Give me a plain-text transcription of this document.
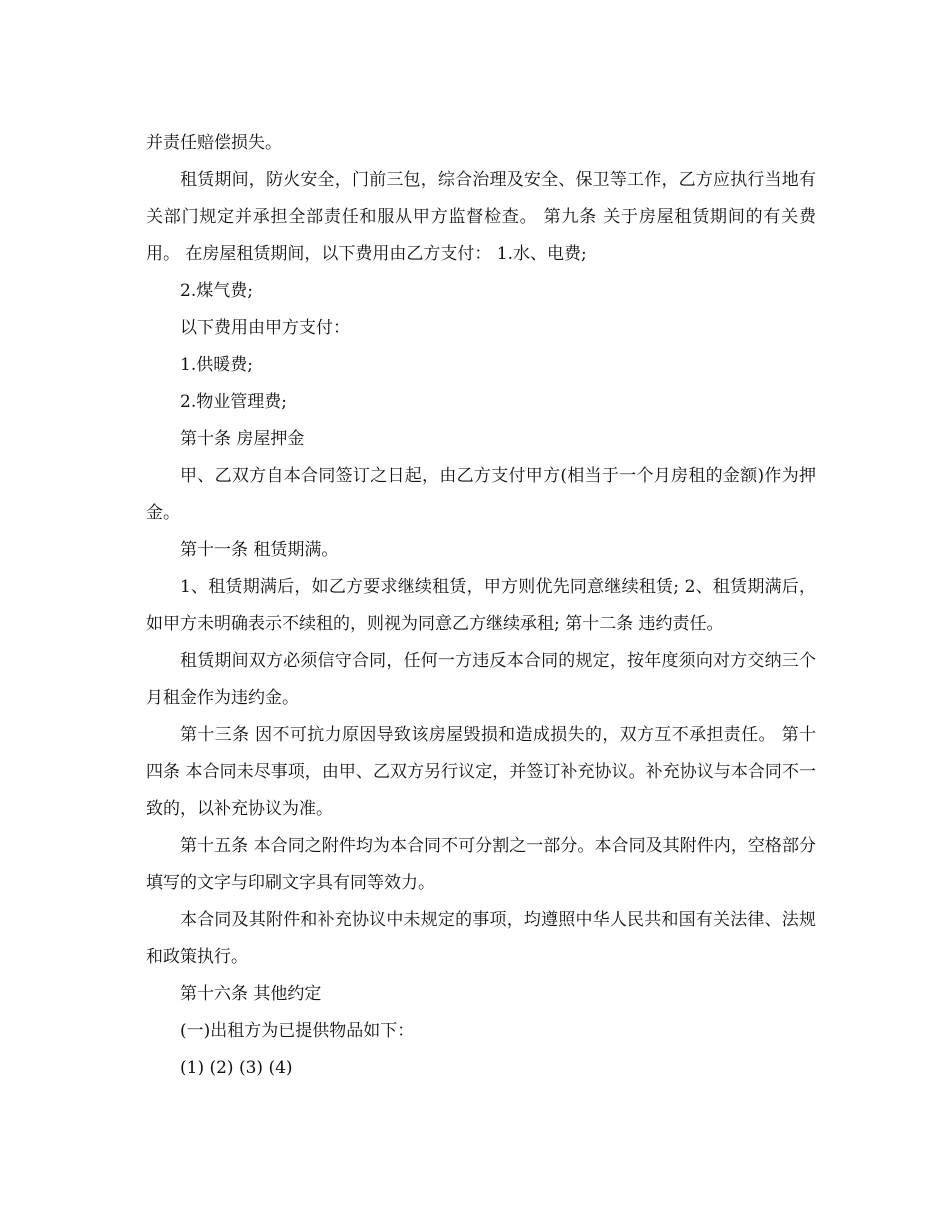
并责任赔偿损失。

租赁期间，防火安全，门前三包，综合治理及安全、保卫等工作，乙方应执行当地有关部门规定并承担全部责任和服从甲方监督检查。 第九条 关于房屋租赁期间的有关费用。 在房屋租赁期间，以下费用由乙方支付： 1.水、电费;

2.煤气费;

以下费用由甲方支付：

1.供暖费;

2.物业管理费;

第十条 房屋押金

甲、乙双方自本合同签订之日起，由乙方支付甲方(相当于一个月房租的金额)作为押金。

第十一条 租赁期满。

1、租赁期满后，如乙方要求继续租赁，甲方则优先同意继续租赁; 2、租赁期满后，如甲方未明确表示不续租的，则视为同意乙方继续承租; 第十二条 违约责任。

租赁期间双方必须信守合同，任何一方违反本合同的规定，按年度须向对方交纳三个月租金作为违约金。

第十三条 因不可抗力原因导致该房屋毁损和造成损失的，双方互不承担责任。 第十四条 本合同未尽事项，由甲、乙双方另行议定，并签订补充协议。补充协议与本合同不一致的，以补充协议为准。

第十五条 本合同之附件均为本合同不可分割之一部分。本合同及其附件内，空格部分填写的文字与印刷文字具有同等效力。

本合同及其附件和补充协议中未规定的事项，均遵照中华人民共和国有关法律、法规和政策执行。

第十六条 其他约定

(一)出租方为已提供物品如下：

(1) (2) (3) (4)
